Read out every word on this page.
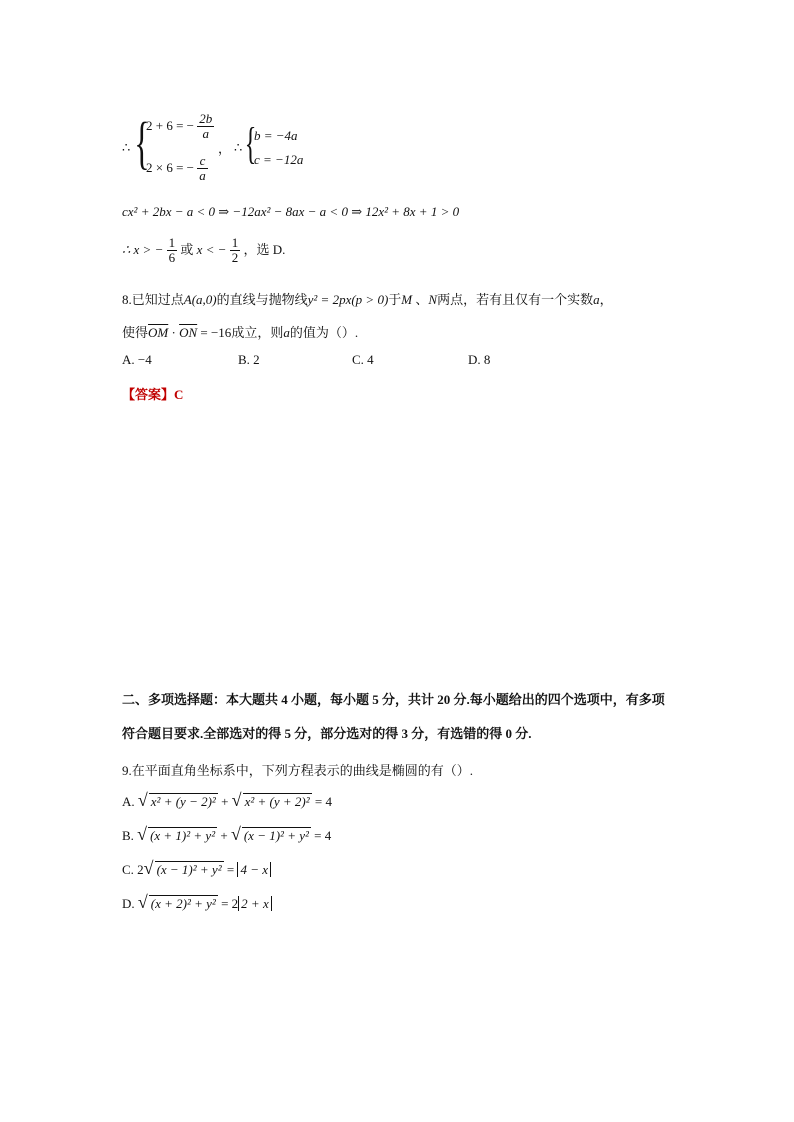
∴ {
2 + 6 = − $\frac{2b}{a}$
2 × 6 = − $\frac{c}{a}$
， ∴ {
b = −4a
c = −12a
cx² + 2bx − a < 0 ⇒ −12ax² − 8ax − a < 0 ⇒ 12x² + 8x + 1 > 0
∴ x > − $\frac{1}{6}$ 或 x < − $\frac{1}{2}$ ，选 D.
8.已知过点A(a,0)的直线与抛物线y² = 2px(p > 0)于M 、N两点，若有且仅有一个实数a，
使得$\overline{OM} \cdot \overline{ON} = -16$成立，则a的值为（）.
A. −4	B. 2	C. 4	D. 8
【答案】C
二、多项选择题：本大题共 4 小题，每小题 5 分，共计 20 分.每小题给出的四个选项中，有多项
符合题目要求.全部选对的得 5 分，部分选对的得 3 分，有选错的得 0 分.
9.在平面直角坐标系中，下列方程表示的曲线是椭圆的有（）.
A. √ x² + (y − 2)² + √ x² + (y + 2)² = 4
B. √ (x + 1)² + y² + √ (x − 1)² + y² = 4
C. 2√ (x − 1)² + y² = 4 − x
D. √ (x + 2)² + y² = 2 2 + x
